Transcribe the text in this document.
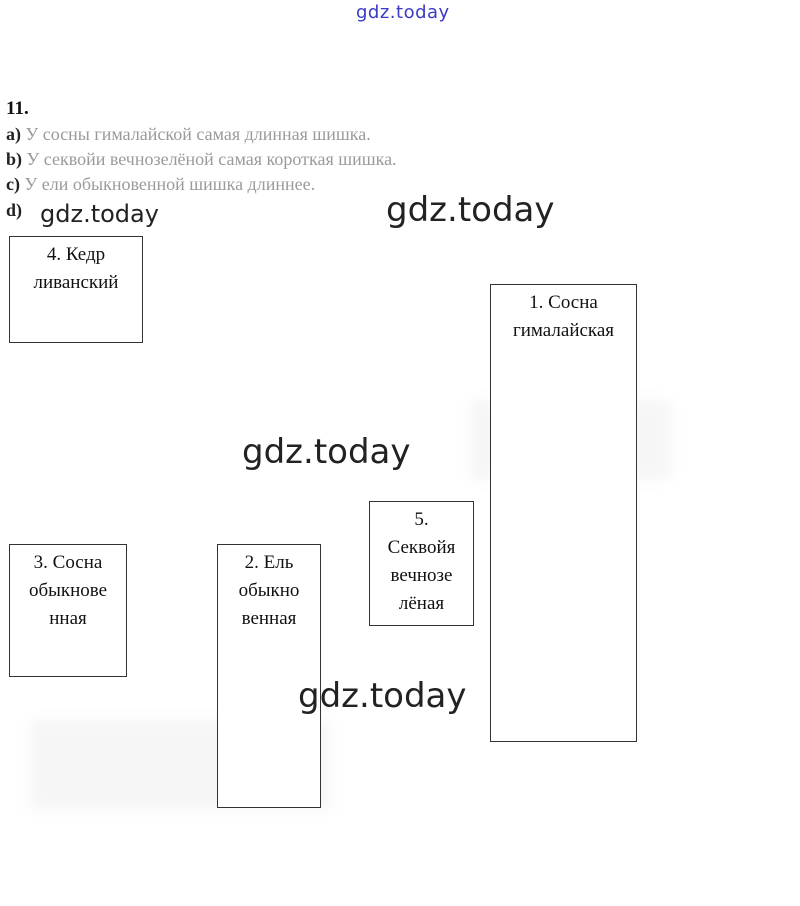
gdz.today
11.
a) У сосны гималайской самая длинная шишка.
b) У секвойи вечнозелёной самая короткая шишка.
c) У ели обыкновенной шишка длиннее.
d)
4. Кедр
ливанский
1. Сосна
гималайская
3. Сосна
обыкнове
нная
2. Ель
обыкно
венная
5.
Секвойя
вечнозе
лёная
gdz.today	gdz.today
gdz.today
gdz.today
